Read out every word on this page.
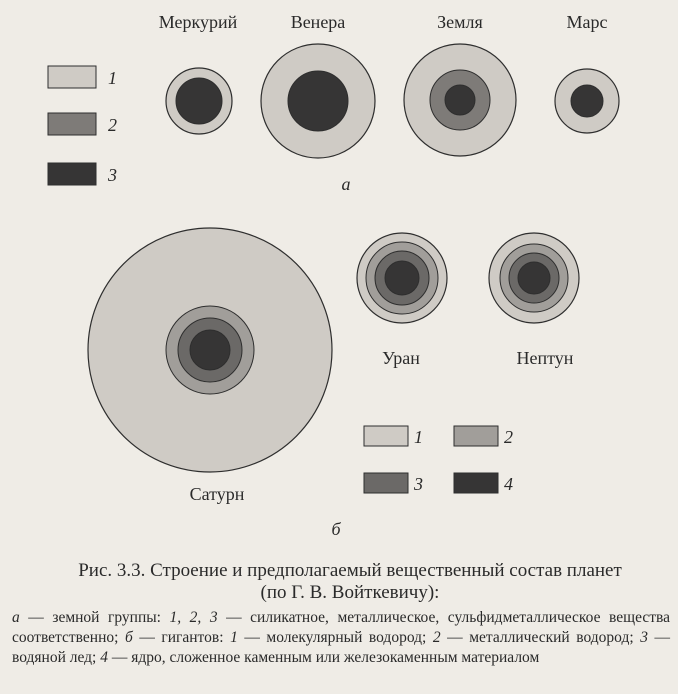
1
2
3
Меркурий	Венера	Земля	Марс
а
Уран	Нептун
Сатурн
1	2
3	4
б
Рис. 3.3. Строение и предполагаемый вещественный состав планет
(по Г. В. Войткевичу):
а — земной группы: 1, 2, 3 — силикатное, металлическое, сульфидметаллическое вещества соответственно; б — гигантов: 1 — молекулярный водород; 2 — металлический водород; 3 — водяной лед; 4 — ядро, сложенное каменным или железокаменным материалом
